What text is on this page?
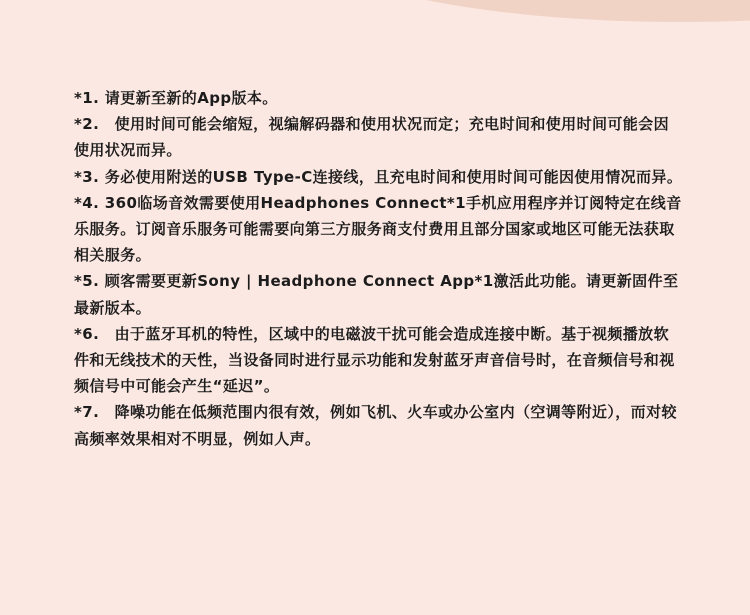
*1. 请更新至新的App版本。

*2.　使用时间可能会缩短，视编解码器和使用状况而定；充电时间和使用时间可能会因使用状况而异。

*3. 务必使用附送的USB Type-C连接线，且充电时间和使用时间可能因使用情况而异。

*4. 360临场音效需要使用Headphones Connect*1手机应用程序并订阅特定在线音乐服务。订阅音乐服务可能需要向第三方服务商支付费用且部分国家或地区可能无法获取相关服务。

*5. 顾客需要更新Sony | Headphone Connect App*1激活此功能。请更新固件至最新版本。

*6.　由于蓝牙耳机的特性，区域中的电磁波干扰可能会造成连接中断。基于视频播放软件和无线技术的天性，当设备同时进行显示功能和发射蓝牙声音信号时，在音频信号和视频信号中可能会产生“延迟”。

*7.　降噪功能在低频范围内很有效，例如飞机、火车或办公室内（空调等附近），而对较高频率效果相对不明显，例如人声。
